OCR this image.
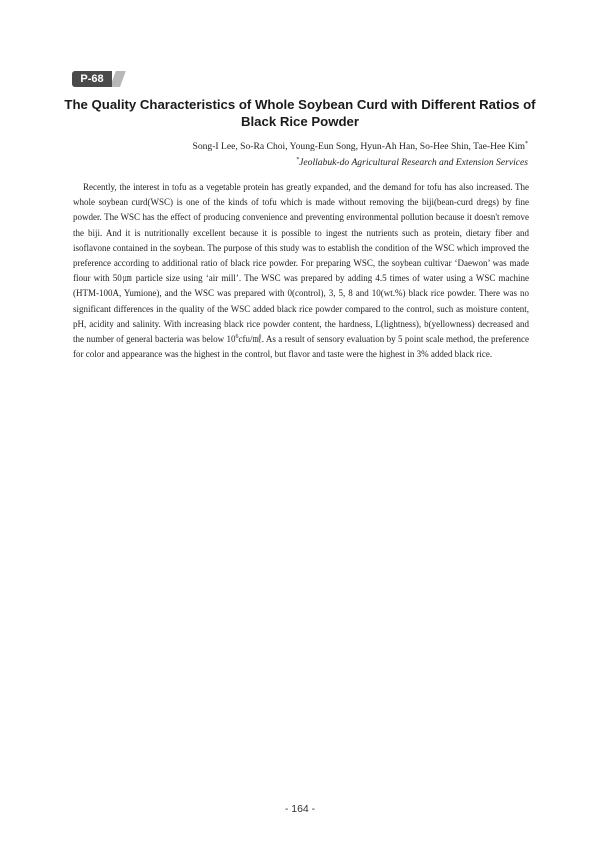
P-68
The Quality Characteristics of Whole Soybean Curd with Different Ratios of
Black Rice Powder

Song-I Lee, So-Ra Choi, Young-Eun Song, Hyun-Ah Han, So-Hee Shin, Tae-Hee Kim*

*Jeollabuk-do Agricultural Research and Extension Services

Recently, the interest in tofu as a vegetable protein has greatly expanded, and the demand for tofu has also increased. The whole soybean curd(WSC) is one of the kinds of tofu which is made without removing the biji(bean-curd dregs) by fine powder. The WSC has the effect of producing convenience and preventing environmental pollution because it doesn't remove the biji. And it is nutritionally excellent because it is possible to ingest the nutrients such as protein, dietary fiber and isoflavone contained in the soybean. The purpose of this study was to establish the condition of the WSC which improved the preference according to additional ratio of black rice powder. For preparing WSC, the soybean cultivar ‘Daewon’ was made flour with 50㎛ particle size using ‘air mill’. The WSC was prepared by adding 4.5 times of water using a WSC machine (HTM-100A, Yumione), and the WSC was prepared with 0(control), 3, 5, 8 and 10(wt.%) black rice powder. There was no significant differences in the quality of the WSC added black rice powder compared to the control, such as moisture content, pH, acidity and salinity. With increasing black rice powder content, the hardness, L(lightness), b(yellowness) decreased and the number of general bacteria was below $10^6cfu/㎖$. As a result of sensory evaluation by 5 point scale method, the preference for color and appearance was the highest in the control, but flavor and taste were the highest in 3% added black rice.

- 164 -
